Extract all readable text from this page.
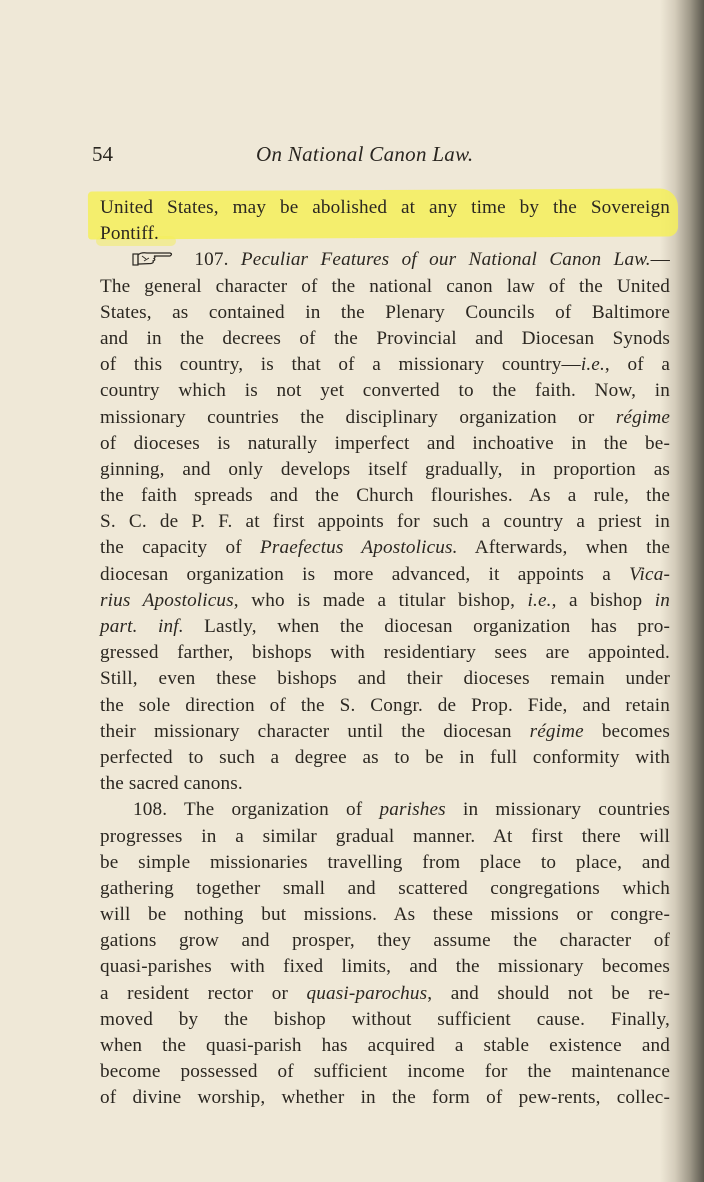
54	On National Canon Law.
United States, may be abolished at any time by the Sovereign
Pontiff.
107. Peculiar Features of our National Canon Law.—
The general character of the national canon law of the United
States, as contained in the Plenary Councils of Baltimore
and in the decrees of the Provincial and Diocesan Synods
of this country, is that of a missionary country—i.e., of a
country which is not yet converted to the faith. Now, in
missionary countries the disciplinary organization or régime
of dioceses is naturally imperfect and inchoative in the be-
ginning, and only develops itself gradually, in proportion as
the faith spreads and the Church flourishes. As a rule, the
S. C. de P. F. at first appoints for such a country a priest in
the capacity of Praefectus Apostolicus. Afterwards, when the
diocesan organization is more advanced, it appoints a Vica-
rius Apostolicus, who is made a titular bishop, i.e., a bishop in
part. inf. Lastly, when the diocesan organization has pro-
gressed farther, bishops with residentiary sees are appointed.
Still, even these bishops and their dioceses remain under
the sole direction of the S. Congr. de Prop. Fide, and retain
their missionary character until the diocesan régime becomes
perfected to such a degree as to be in full conformity with
the sacred canons.
108. The organization of parishes in missionary countries
progresses in a similar gradual manner. At first there will
be simple missionaries travelling from place to place, and
gathering together small and scattered congregations which
will be nothing but missions. As these missions or congre-
gations grow and prosper, they assume the character of
quasi-parishes with fixed limits, and the missionary becomes
a resident rector or quasi-parochus, and should not be re-
moved by the bishop without sufficient cause. Finally,
when the quasi-parish has acquired a stable existence and
become possessed of sufficient income for the maintenance
of divine worship, whether in the form of pew-rents, collec-
